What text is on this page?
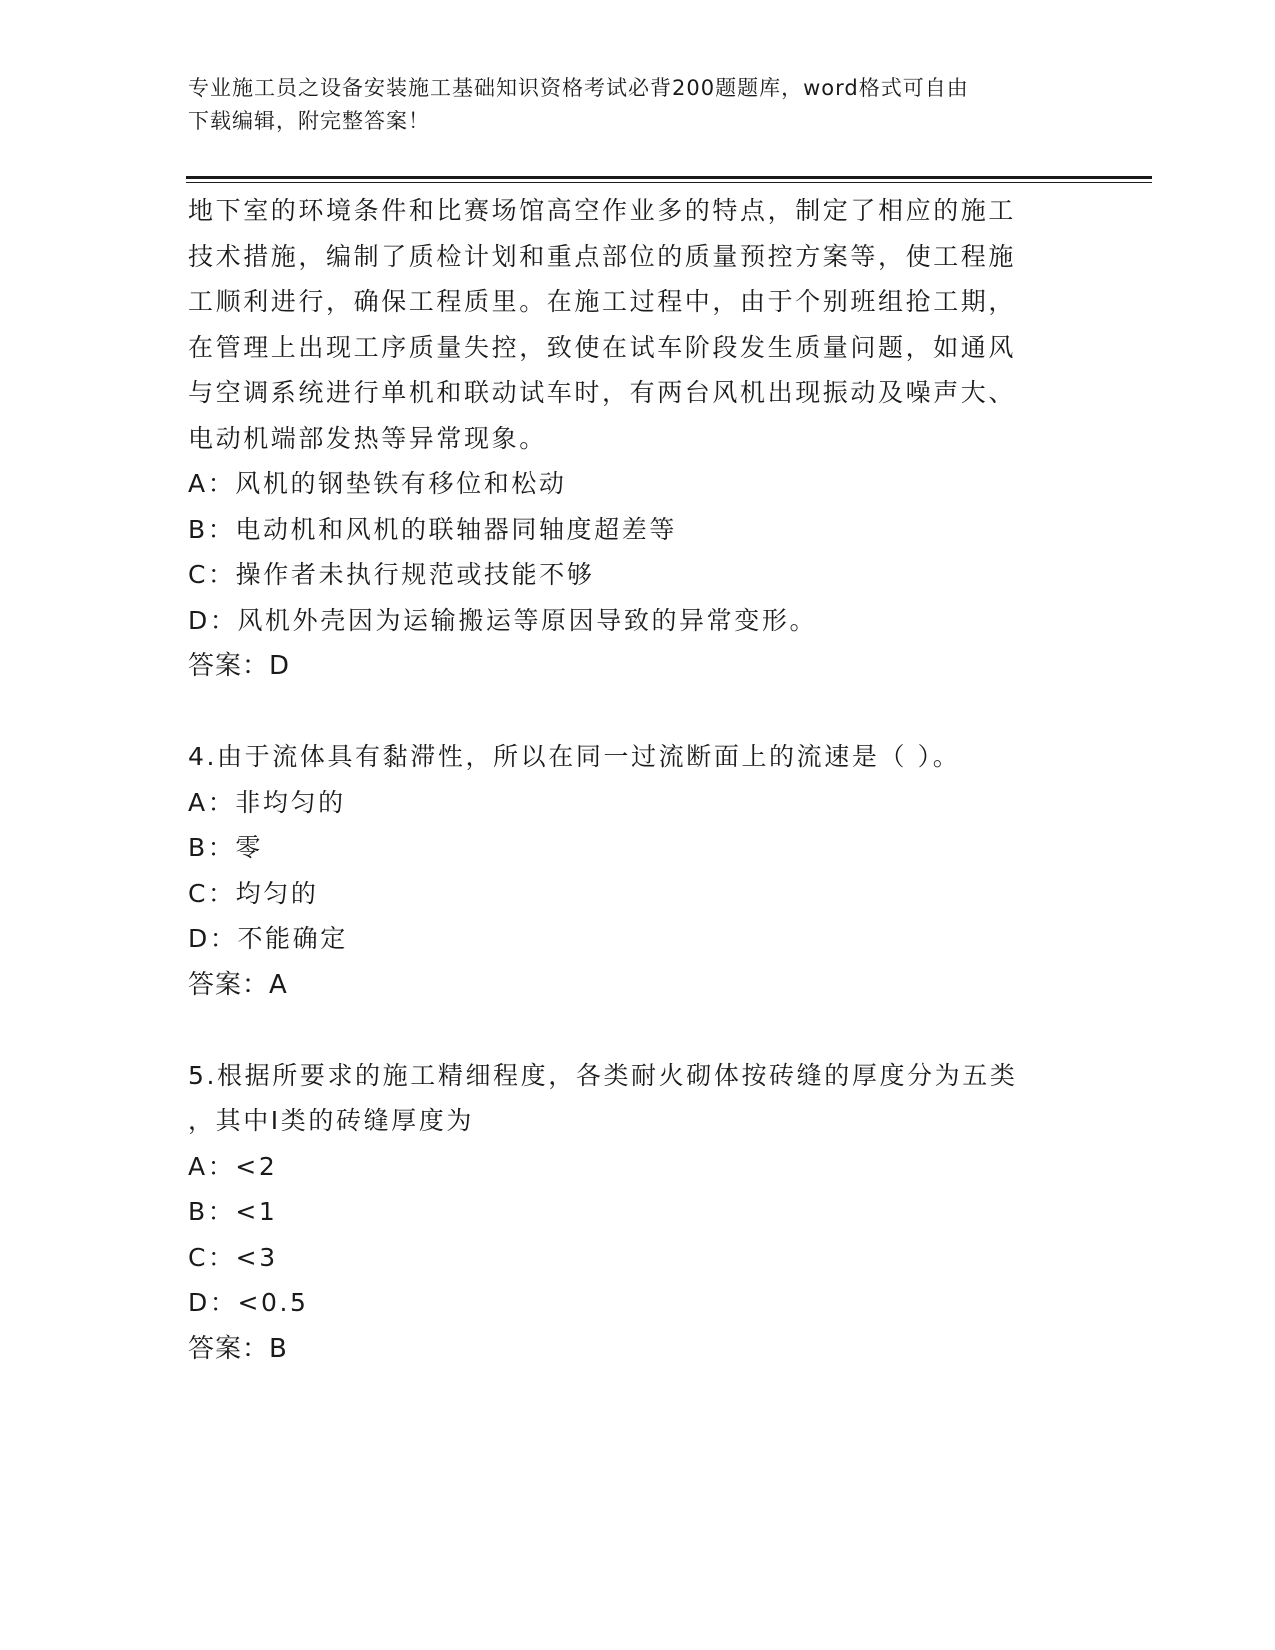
专业施工员之设备安装施工基础知识资格考试必背200题题库，word格式可自由
下载编辑，附完整答案！
地下室的环境条件和比赛场馆高空作业多的特点，制定了相应的施工
技术措施，编制了质检计划和重点部位的质量预控方案等，使工程施
工顺利进行，确保工程质里。在施工过程中，由于个别班组抢工期，
在管理上出现工序质量失控，致使在试车阶段发生质量问题，如通风
与空调系统进行单机和联动试车时，有两台风机出现振动及噪声大、
电动机端部发热等异常现象。
A：风机的钢垫铁有移位和松动
B：电动机和风机的联轴器同轴度超差等
C：操作者未执行规范或技能不够
D：风机外壳因为运输搬运等原因导致的异常变形。
答案：D
4.由于流体具有黏滞性，所以在同一过流断面上的流速是（ ）。
A：非均匀的
B：零
C：均匀的
D：不能确定
答案：A
5.根据所要求的施工精细程度，各类耐火砌体按砖缝的厚度分为五类
，其中Ⅰ类的砖缝厚度为
A：<2
B：<1
C：<3
D：<0.5
答案：B
